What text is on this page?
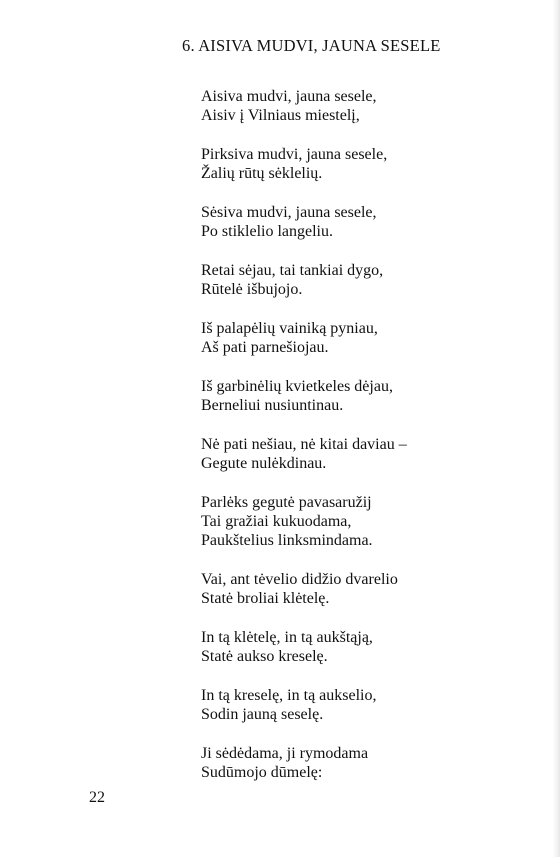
6. AISIVA MUDVI, JAUNA SESELE
Aisiva mudvi, jauna sesele,
Aisiv į Vilniaus miestelį,
Pirksiva mudvi, jauna sesele,
Žalių rūtų sėklelių.
Sėsiva mudvi, jauna sesele,
Po stiklelio langeliu.
Retai sėjau, tai tankiai dygo,
Rūtelė išbujojo.
Iš palapėlių vainiką pyniau,
Aš pati parnešiojau.
Iš garbinėlių kvietkeles dėjau,
Berneliui nusiuntinau.
Nė pati nešiau, nė kitai daviau –
Gegute nulėkdinau.
Parlėks gegutė pavasaružij
Tai gražiai kukuodama,
Paukštelius linksmindama.
Vai, ant tėvelio didžio dvarelio
Statė broliai klėtelę.
In tą klėtelę, in tą aukštąją,
Statė aukso kreselę.
In tą kreselę, in tą aukselio,
Sodin jauną seselę.
Ji sėdėdama, ji rymodama
Sudūmojo dūmelę:

22
